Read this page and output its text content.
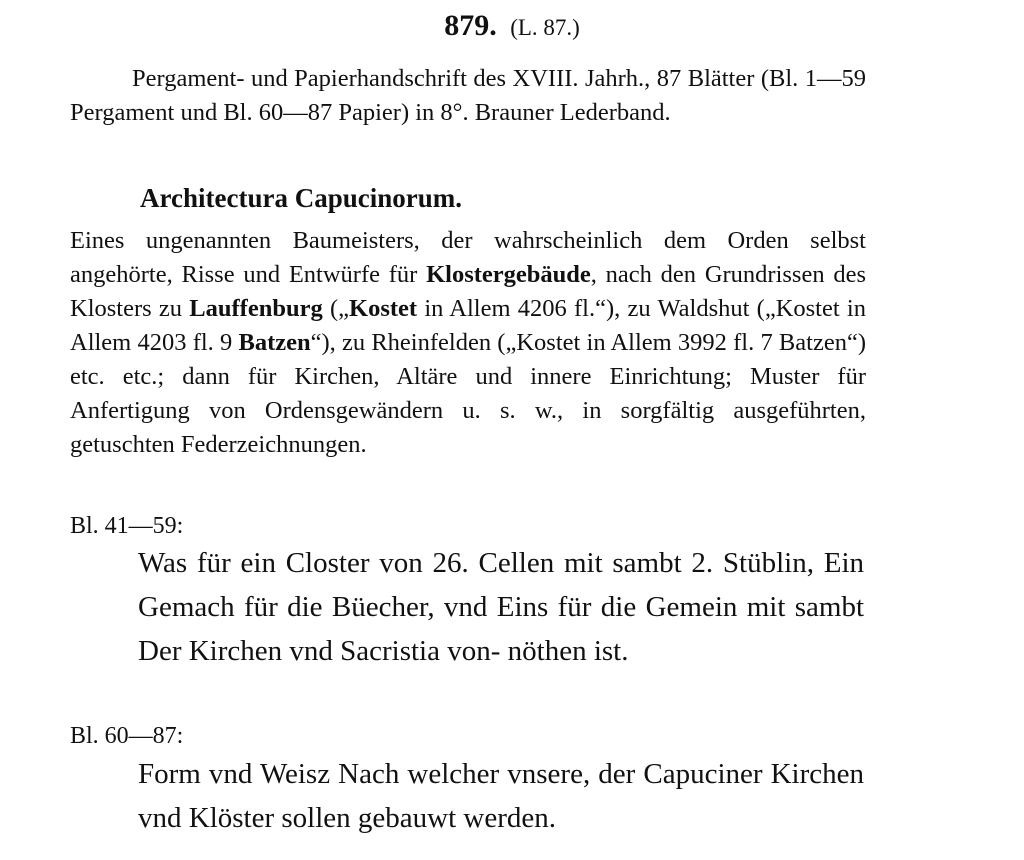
879. (L. 87.)
Pergament- und Papierhandschrift des XVIII. Jahrh., 87 Blätter (Bl. 1—59 Pergament und Bl. 60—87 Papier) in 8°. Brauner Lederband.
Architectura Capucinorum.
Eines ungenannten Baumeisters, der wahrscheinlich dem Orden selbst angehörte, Risse und Entwürfe für Klostergebäude, nach den Grundrissen des Klosters zu Lauffenburg („Kostet in Allem 4206 fl.“), zu Waldshut („Kostet in Allem 4203 fl. 9 Batzen“), zu Rheinfelden („Kostet in Allem 3992 fl. 7 Batzen“) etc. etc.; dann für Kirchen, Altäre und innere Einrichtung; Muster für Anfertigung von Ordensgewändern u. s. w., in sorgfältig ausgeführten, getuschten Federzeichnungen.
Bl. 41—59:
Was für ein Closter von 26. Cellen mit sambt 2. Stüblin, Ein Gemach für die Büecher, vnd Eins für die Gemein mit sambt Der Kirchen vnd Sacristia von- nöthen ist.
Bl. 60—87:
Form vnd Weisz Nach welcher vnsere, der Capuciner Kirchen vnd Klöster sollen gebauwt werden.
